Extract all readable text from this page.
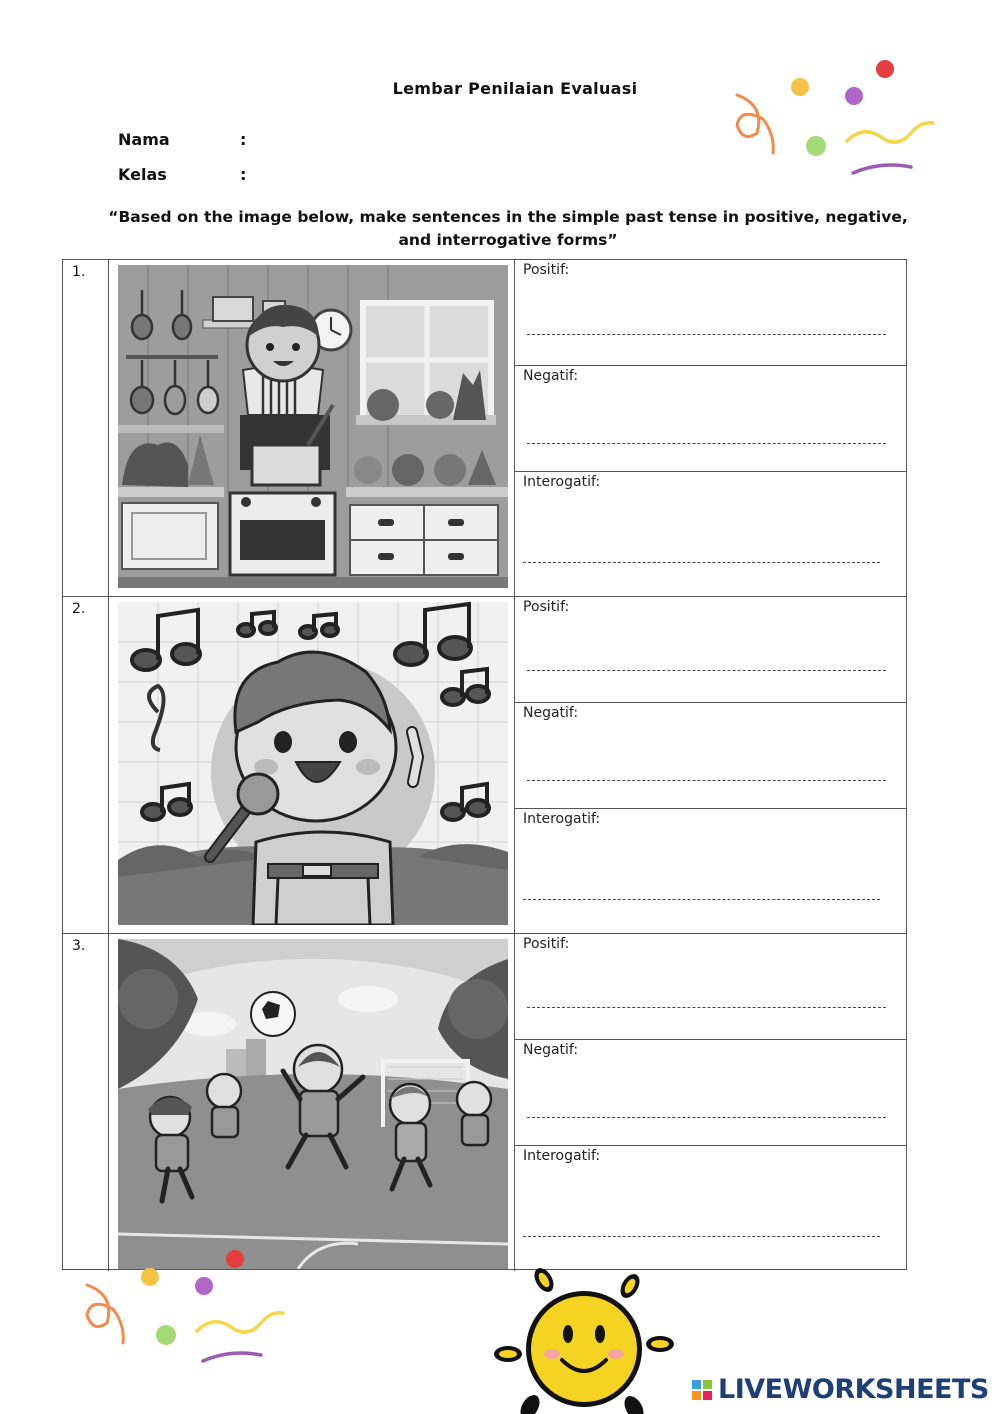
Lembar Penilaian Evaluasi
Nama	:
Kelas	:
“Based on the image below, make sentences in the simple past tense in positive, negative,
and interrogative forms”
1.	Positif:
Negatif:
Interogatif:
2.	Positif:
Negatif:
Interogatif:
3.	Positif:
Negatif:
Interogatif:
LIVEWORKSHEETS
